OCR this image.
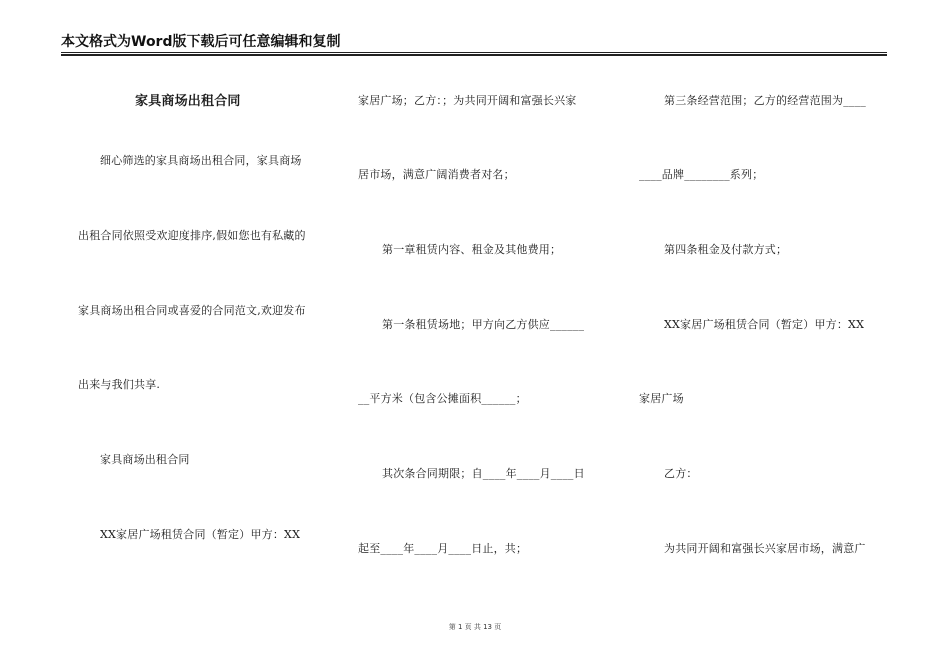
本文格式为Word版下载后可任意编辑和复制
家具商场出租合同
细心筛选的家具商场出租合同，家具商场
出租合同依照受欢迎度排序,假如您也有私藏的
家具商场出租合同或喜爱的合同范文,欢迎发布
出来与我们共享.
家具商场出租合同
XX家居广场租赁合同（暂定）甲方：XX
家居广场；乙方：；为共同开阔和富强长兴家
居市场，满意广阔消费者对名；
第一章租赁内容、租金及其他费用；
第一条租赁场地；甲方向乙方供应______
__平方米（包含公摊面积______；
其次条合同期限；自____年____月____日
起至____年____月____日止，共；
第三条经营范围；乙方的经营范围为____
____品牌________系列；
第四条租金及付款方式；
XX家居广场租赁合同（暂定）甲方：XX
家居广场
乙方：
为共同开阔和富强长兴家居市场，满意广
第 1 页 共 13 页
